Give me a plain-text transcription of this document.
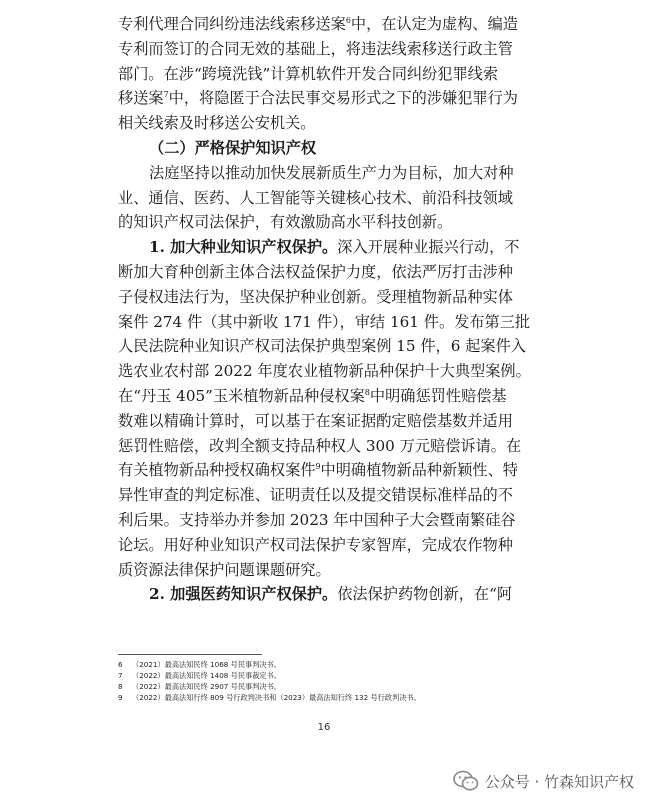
专利代理合同纠纷违法线索移送案$^6$中，在认定为虚构、编造
专利而签订的合同无效的基础上，将违法线索移送行政主管
部门。在涉“跨境洗钱”计算机软件开发合同纠纷犯罪线索
移送案$^7$中，将隐匿于合法民事交易形式之下的涉嫌犯罪行为
相关线索及时移送公安机关。
（二）严格保护知识产权
法庭坚持以推动加快发展新质生产力为目标，加大对种
业、通信、医药、人工智能等关键核心技术、前沿科技领域
的知识产权司法保护，有效激励高水平科技创新。
1. 加大种业知识产权保护。深入开展种业振兴行动，不
断加大育种创新主体合法权益保护力度，依法严厉打击涉种
子侵权违法行为，坚决保护种业创新。受理植物新品种实体
案件 274 件（其中新收 171 件），审结 161 件。发布第三批
人民法院种业知识产权司法保护典型案例 15 件，6 起案件入
选农业农村部 2022 年度农业植物新品种保护十大典型案例。
在“丹玉 405”玉米植物新品种侵权案$^8$中明确惩罚性赔偿基
数难以精确计算时，可以基于在案证据酌定赔偿基数并适用
惩罚性赔偿，改判全额支持品种权人 300 万元赔偿诉请。在
有关植物新品种授权确权案件$^9$中明确植物新品种新颖性、特
异性审查的判定标准、证明责任以及提交错误标准样品的不
利后果。支持举办并参加 2023 年中国种子大会暨南繁硅谷
论坛。用好种业知识产权司法保护专家智库，完成农作物种
质资源法律保护问题课题研究。
2. 加强医药知识产权保护。依法保护药物创新，在“阿
6 （2021）最高法知民终 1068 号民事判决书。
7 （2022）最高法知民终 1408 号民事裁定书。
8 （2022）最高法知民终 2907 号民事判决书。
9 （2022）最高法知行终 809 号行政判决书和（2023）最高法知行终 132 号行政判决书。
16
公众号 · 竹森知识产权
